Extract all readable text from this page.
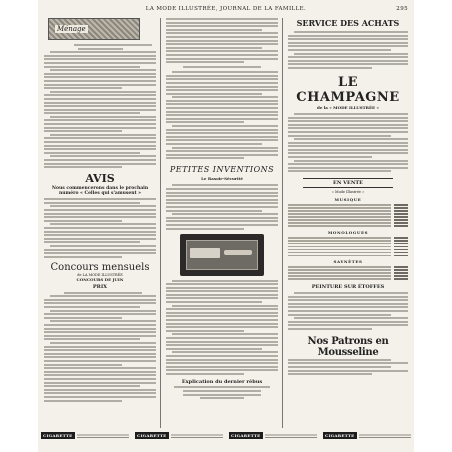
LA MODE ILLUSTRÉE, JOURNAL DE LA FAMILLE.	295
Ménage
AVIS
Nous commencerons dans le prochain numéro « Celles qui s'amusent »
Concours mensuels
de LA MODE ILLUSTRÉE
CONCOURS DE JUIN
PRIX
PETITES INVENTIONS
Le Rasoir-Sécurité
Explication du dernier rébus
SERVICE DES ACHATS
LE CHAMPAGNE
de la « MODE ILLUSTRÉE »
EN VENTE
« Mode Illustrée »
MUSIQUE
MONOLOGUES
SAYNÈTES
PEINTURE SUR ÉTOFFES
Nos Patrons en Mousseline
CIGARETTE	CIGARETTE	CIGARETTE	CIGARETTE
